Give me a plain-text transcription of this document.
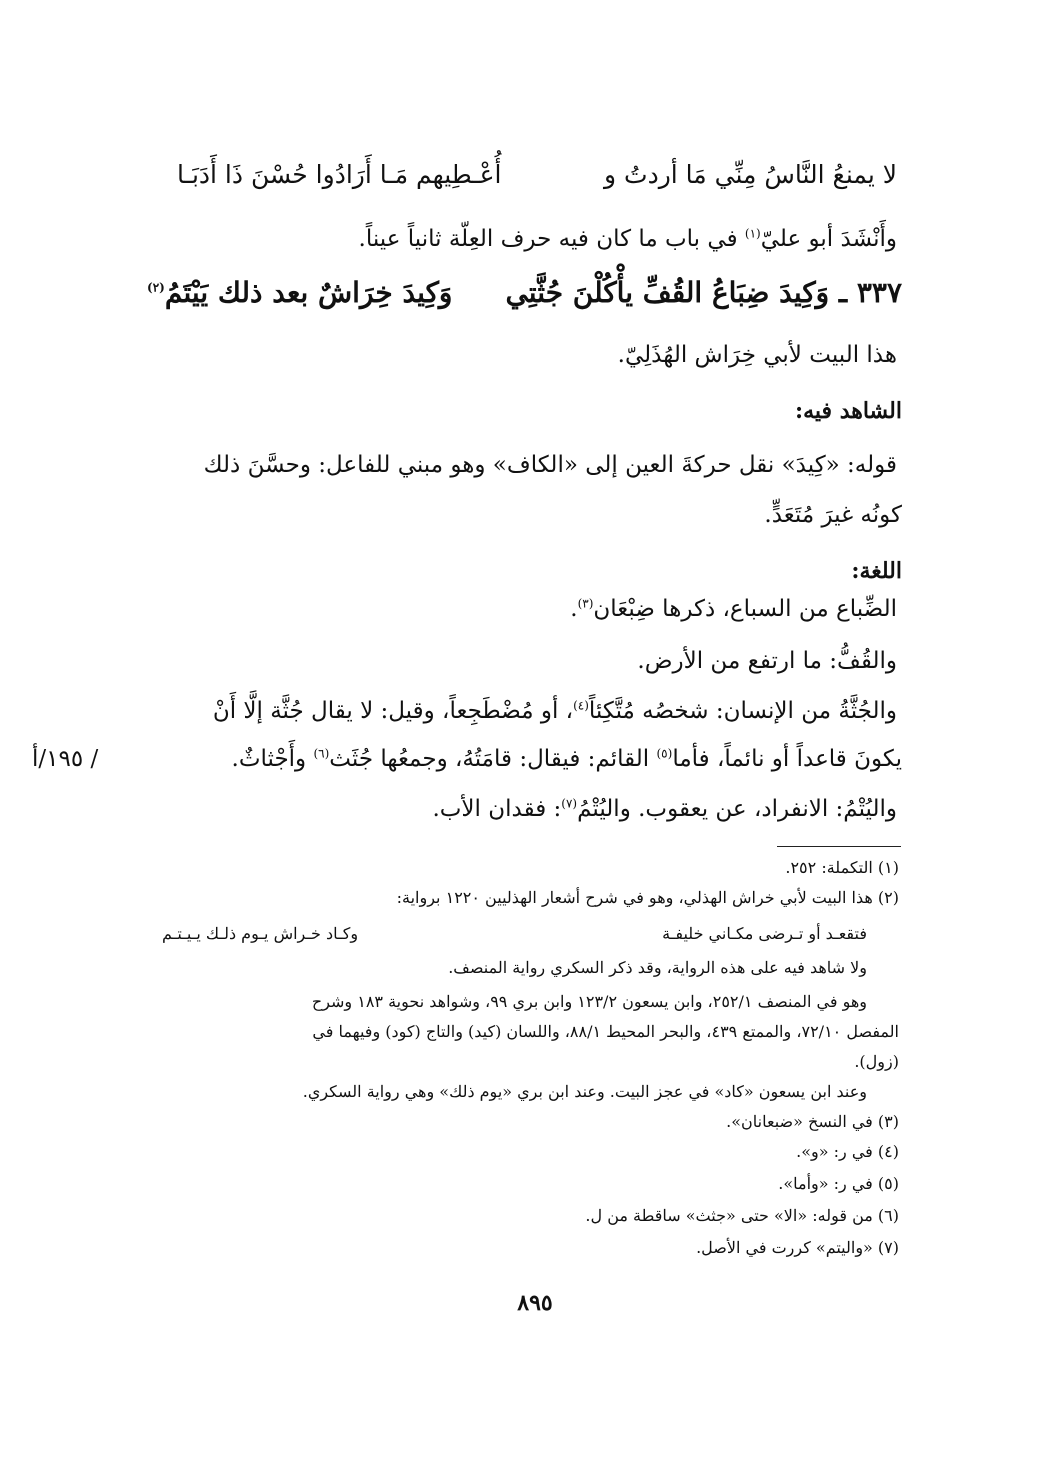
لا يمنعُ النَّاسُ مِنِّي مَا أردتُ و
أُعْـطِيهم مَـا أَرَادُوا حُسْنَ ذَا أَدَبَـا
وأَنْشَدَ أبو عليّ$^{(١)}$ في باب ما كان فيه حرف العِلّة ثانياً عيناً.
٣٣٧ ـ وَكِيدَ ضِبَاعُ القُفِّ يأْكُلْنَ جُثَّتِي
وَكِيدَ خِرَاشٌ بعد ذلك يَيْتَمُ$^{(٢)}$
هذا البيت لأبي خِرَاش الهُذَلِيّ.
الشاهد فيه:
قوله: «كِيدَ» نقل حركةَ العين إلى «الكاف» وهو مبني للفاعل: وحسَّنَ ذلك
كونُه غيرَ مُتَعَدٍّ.
اللغة:
الضِّباع من السباع، ذكرها ضِبْعَان$^{(٣)}$.
والقُفُّ: ما ارتفع من الأرض.
والجُثَّةُ من الإنسان: شخصُه مُتَّكِئاً$^{(٤)}$، أو مُضْطَجِعاً، وقيل: لا يقال جُثَّة إلَّا أَنْ
يكونَ قاعداً أو نائماً، فأما$^{(٥)}$ القائم: فيقال: قامَتُهُ، وجمعُها جُثَث$^{(٦)}$ وأَجْثاثٌ.
/ ١٩٥/أ
واليُتْمُ: الانفراد، عن يعقوب. واليُتْمُ$^{(٧)}$: فقدان الأب.
(١) التكملة: ٢٥٢.
(٢) هذا البيت لأبي خراش الهذلي، وهو في شرح أشعار الهذليين ١٢٢٠ برواية:
فتقعـد أو تـرضى مكـاني خليفـة
وكـاد خـراش يـوم ذلـك يـيـتـم
ولا شاهد فيه على هذه الرواية، وقد ذكر السكري رواية المنصف.
وهو في المنصف ٢٥٢/١، وابن يسعون ١٢٣/٢ وابن بري ٩٩، وشواهد نحوية ١٨٣ وشرح
المفصل ٧٢/١٠، والممتع ٤٣٩، والبحر المحيط ٨٨/١، واللسان (كيد) والتاج (كود) وفيهما في
(زول).
وعند ابن يسعون «كاد» في عجز البيت. وعند ابن بري «يوم ذلك» وهي رواية السكري.
(٣) في النسخ «ضبعانان».
(٤) في ر: «و».
(٥) في ر: «وأما».
(٦) من قوله: «الا» حتى «جثث» ساقطة من ل.
(٧) «واليتم» كررت في الأصل.
٨٩٥
